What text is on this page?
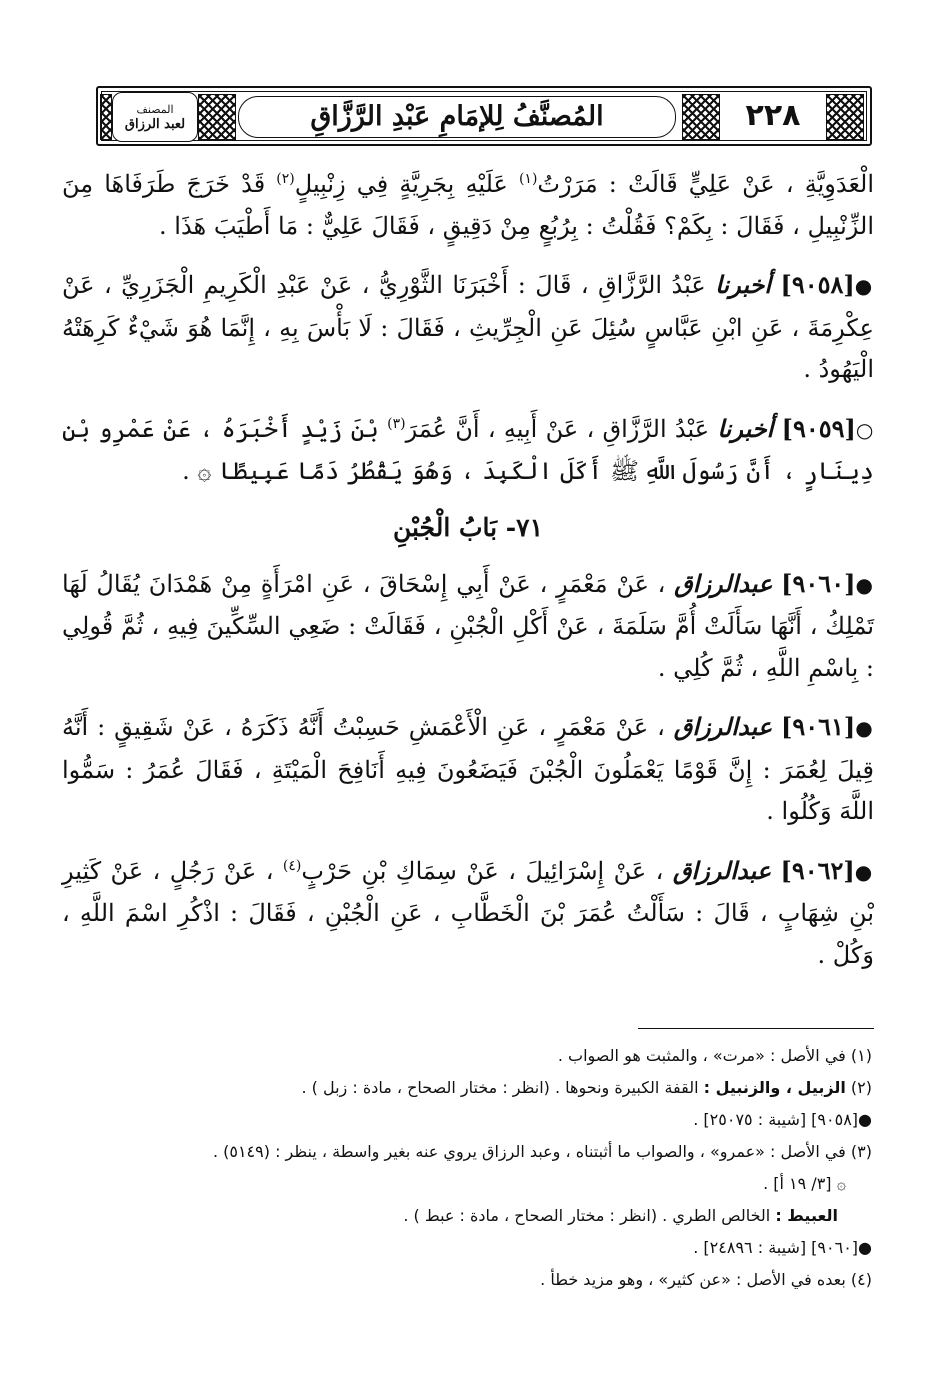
٢٢٨
المُصنَّفُ لِلإمَامِ عَبْدِ الرَّزَّاقِ
المصنف
لعبد الرزاق

الْعَدَوِيَّةِ ، عَنْ عَلِيٍّ قَالَتْ : مَرَرْتُ$^{(١)}$ عَلَيْهِ بِجَرِيَّةٍ فِي زِنْبِيلٍ$^{(٢)}$ قَدْ خَرَجَ طَرَفَاهَا مِنَ الزِّنْبِيلِ ، فَقَالَ : بِكَمْ؟ فَقُلْتُ : بِرُبُعٍ مِنْ دَقِيقٍ ، فَقَالَ عَلِيٌّ : مَا أَطْيَبَ هَذَا .

●[٩٠٥٨] أخبرنا عَبْدُ الرَّزَّاقِ ، قَالَ : أَخْبَرَنَا الثَّوْرِيُّ ، عَنْ عَبْدِ الْكَرِيمِ الْجَزَرِيِّ ، عَنْ عِكْرِمَةَ ، عَنِ ابْنِ عَبَّاسٍ سُئِلَ عَنِ الْجِرِّيثِ ، فَقَالَ : لَا بَأْسَ بِهِ ، إِنَّمَا هُوَ شَيْءٌ كَرِهَتْهُ الْيَهُودُ .

○[٩٠٥٩] أخبرنا عَبْدُ الرَّزَّاقِ ، عَنْ أَبِيهِ ، أَنَّ عُمَرَ$^{(٣)}$ بْنَ زَيْدٍ أَخْبَرَهُ ، عَنْ عَمْرِو بْنِ دِينَارٍ ، أَنَّ رَسُولَ اللَّهِ ﷺ أَكَلَ الْكَبِدَ ، وَهُوَ يَقْطُرُ دَمًا عَبِيطًا ۞ .

٧١- بَابُ الْجُبْنِ

●[٩٠٦٠] عبدالرزاق ، عَنْ مَعْمَرٍ ، عَنْ أَبِي إِسْحَاقَ ، عَنِ امْرَأَةٍ مِنْ هَمْدَانَ يُقَالُ لَهَا تَمْلِكُ ، أَنَّهَا سَأَلَتْ أُمَّ سَلَمَةَ ، عَنْ أَكْلِ الْجُبْنِ ، فَقَالَتْ : ضَعِي السِّكِّينَ فِيهِ ، ثُمَّ قُولِي : بِاسْمِ اللَّهِ ، ثُمَّ كُلِي .

●[٩٠٦١] عبدالرزاق ، عَنْ مَعْمَرٍ ، عَنِ الْأَعْمَشِ حَسِبْتُ أَنَّهُ ذَكَرَهُ ، عَنْ شَقِيقٍ : أَنَّهُ قِيلَ لِعُمَرَ : إِنَّ قَوْمًا يَعْمَلُونَ الْجُبْنَ فَيَضَعُونَ فِيهِ أَنَافِحَ الْمَيْتَةِ ، فَقَالَ عُمَرُ : سَمُّوا اللَّهَ وَكُلُوا .

●[٩٠٦٢] عبدالرزاق ، عَنْ إِسْرَائِيلَ ، عَنْ سِمَاكِ بْنِ حَرْبٍ$^{(٤)}$ ، عَنْ رَجُلٍ ، عَنْ كَثِيرِ بْنِ شِهَابٍ ، قَالَ : سَأَلْتُ عُمَرَ بْنَ الْخَطَّابِ ، عَنِ الْجُبْنِ ، فَقَالَ : اذْكُرِ اسْمَ اللَّهِ ، وَكُلْ .

(١) في الأصل : «مرت» ، والمثبت هو الصواب .

(٢) الزبيل ، والزنبيل : القفة الكبيرة ونحوها . (انظر : مختار الصحاح ، مادة : زبل ) .

●[٩٠٥٨] [شيبة : ٢٥٠٧٥] .

(٣) في الأصل : «عمرو» ، والصواب ما أثبتناه ، وعبد الرزاق يروي عنه بغير واسطة ، ينظر : (٥١٤٩) .

۞ [٣/ ١٩ أ] .

العبيط : الخالص الطري . (انظر : مختار الصحاح ، مادة : عبط ) .

●[٩٠٦٠] [شيبة : ٢٤٨٩٦] .

(٤) بعده في الأصل : «عن كثير» ، وهو مزيد خطأ .
